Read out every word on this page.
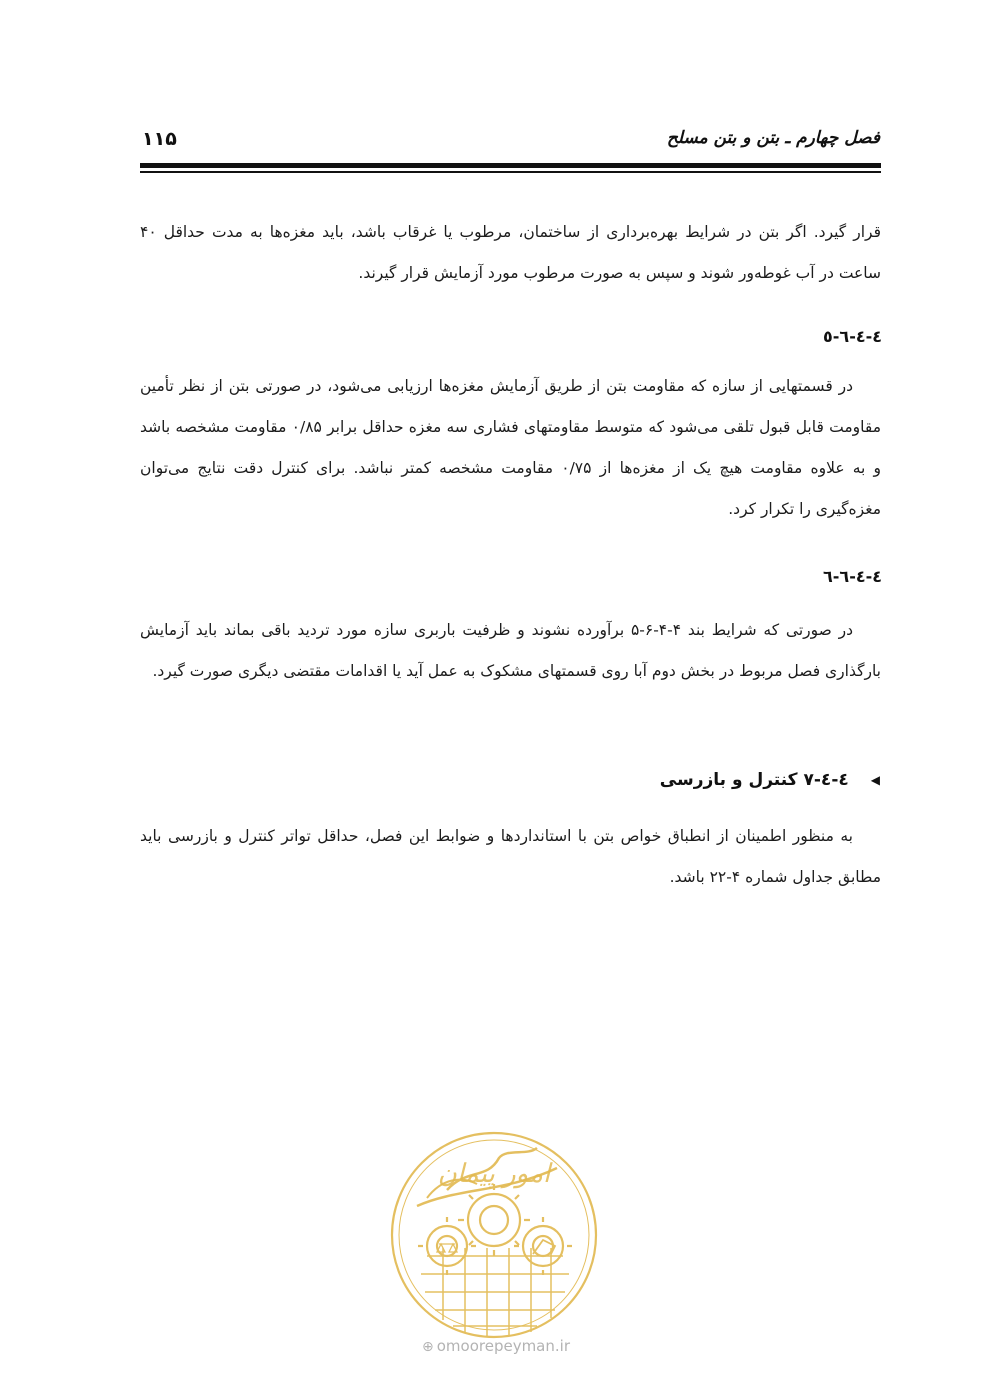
فصل چهارم ـ بتن و بتن مسلح
۱۱۵

قرار گیرد. اگر بتن در شرایط بهره‌برداری از ساختمان، مرطوب یا غرقاب باشد، باید مغزه‌ها به مدت حداقل ۴۰ ساعت در آب غوطه‌ور شوند و سپس به صورت مرطوب مورد آزمایش قرار گیرند.

٤-٤-٦-٥

در قسمتهایی از سازه که مقاومت بتن از طریق آزمایش مغزه‌ها ارزیابی می‌شود، در صورتی بتن از نظر تأمین مقاومت قابل قبول تلقی می‌شود که متوسط مقاومتهای فشاری سه مغزه حداقل برابر ۰/۸۵ مقاومت مشخصه باشد و به علاوه مقاومت هیچ یک از مغزه‌ها از ۰/۷۵ مقاومت مشخصه کمتر نباشد. برای کنترل دقت نتایج می‌توان مغزه‌گیری را تکرار کرد.

٤-٤-٦-٦

در صورتی که شرایط بند ۴-۴-۶-۵ برآورده نشوند و ظرفیت باربری سازه مورد تردید باقی بماند باید آزمایش بارگذاری فصل مربوط در بخش دوم آبا روی قسمتهای مشکوک به عمل آید یا اقدامات مقتضی دیگری صورت گیرد.

◀
٤-٤-٧ کنترل و بازرسی

به منظور اطمینان از انطباق خواص بتن با استانداردها و ضوابط این فصل، حداقل تواتر کنترل و بازرسی باید مطابق جداول شماره ۴-۲۲ باشد.

امور پیمان
⊕ omoorepeyman.ir
